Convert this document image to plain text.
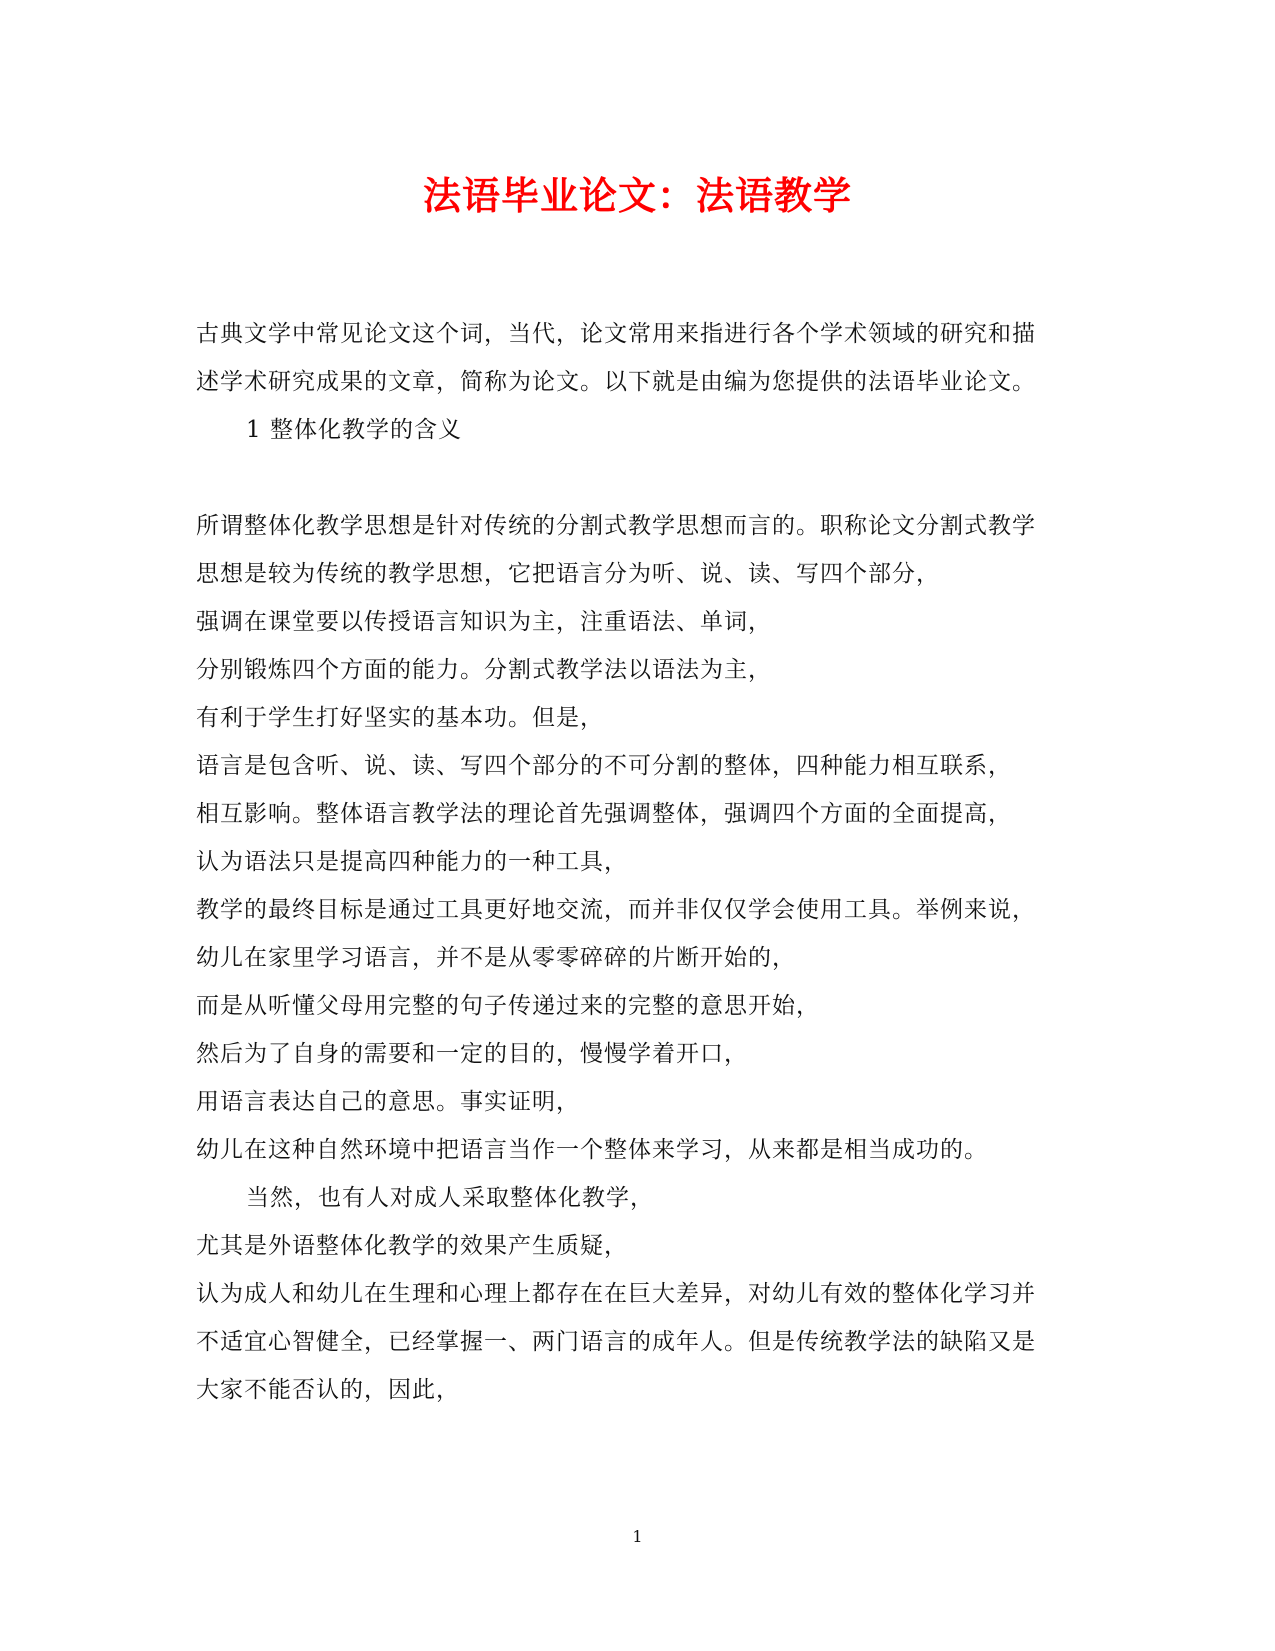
法语毕业论文：法语教学
古典文学中常见论文这个词，当代，论文常用来指进行各个学术领域的研究和描
述学术研究成果的文章，简称为论文。以下就是由编为您提供的法语毕业论文。
1 整体化教学的含义
所谓整体化教学思想是针对传统的分割式教学思想而言的。职称论文分割式教学
思想是较为传统的教学思想，它把语言分为听、说、读、写四个部分，
强调在课堂要以传授语言知识为主，注重语法、单词，
分别锻炼四个方面的能力。分割式教学法以语法为主，
有利于学生打好坚实的基本功。但是，
语言是包含听、说、读、写四个部分的不可分割的整体，四种能力相互联系，
相互影响。整体语言教学法的理论首先强调整体，强调四个方面的全面提高，
认为语法只是提高四种能力的一种工具，
教学的最终目标是通过工具更好地交流，而并非仅仅学会使用工具。举例来说，
幼儿在家里学习语言，并不是从零零碎碎的片断开始的，
而是从听懂父母用完整的句子传递过来的完整的意思开始，
然后为了自身的需要和一定的目的，慢慢学着开口，
用语言表达自己的意思。事实证明，
幼儿在这种自然环境中把语言当作一个整体来学习，从来都是相当成功的。
当然，也有人对成人采取整体化教学，
尤其是外语整体化教学的效果产生质疑，
认为成人和幼儿在生理和心理上都存在在巨大差异，对幼儿有效的整体化学习并
不适宜心智健全，已经掌握一、两门语言的成年人。但是传统教学法的缺陷又是
大家不能否认的，因此，
1
